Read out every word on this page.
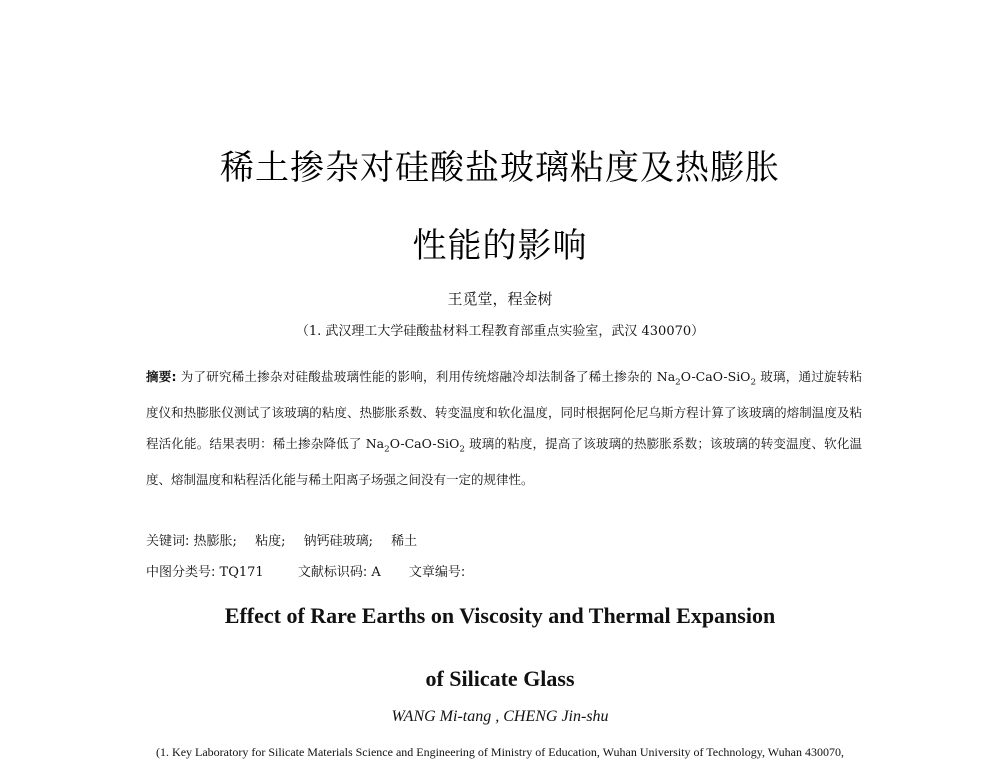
稀土掺杂对硅酸盐玻璃粘度及热膨胀
性能的影响
王觅堂，程金树
（1. 武汉理工大学硅酸盐材料工程教育部重点实验室，武汉 430070）
摘要: 为了研究稀土掺杂对硅酸盐玻璃性能的影响，利用传统熔融冷却法制备了稀土掺杂的 $Na_2O-CaO-SiO_2$ 玻璃，通过旋转粘度仪和热膨胀仪测试了该玻璃的粘度、热膨胀系数、转变温度和软化温度，同时根据阿伦尼乌斯方程计算了该玻璃的熔制温度及粘程活化能。结果表明：稀土掺杂降低了 $Na_2O-CaO-SiO_2$ 玻璃的粘度，提高了该玻璃的热膨胀系数；该玻璃的转变温度、软化温度、熔制温度和粘程活化能与稀土阳离子场强之间没有一定的规律性。
关键词: 热膨胀; 粘度; 钠钙硅玻璃; 稀土
中图分类号: TQ171	文献标识码: A 文章编号:
Effect of Rare Earths on Viscosity and Thermal Expansion
of Silicate Glass
WANG Mi-tang , CHENG Jin-shu
(1. Key Laboratory for Silicate Materials Science and Engineering of Ministry of Education, Wuhan University of Technology, Wuhan 430070,
